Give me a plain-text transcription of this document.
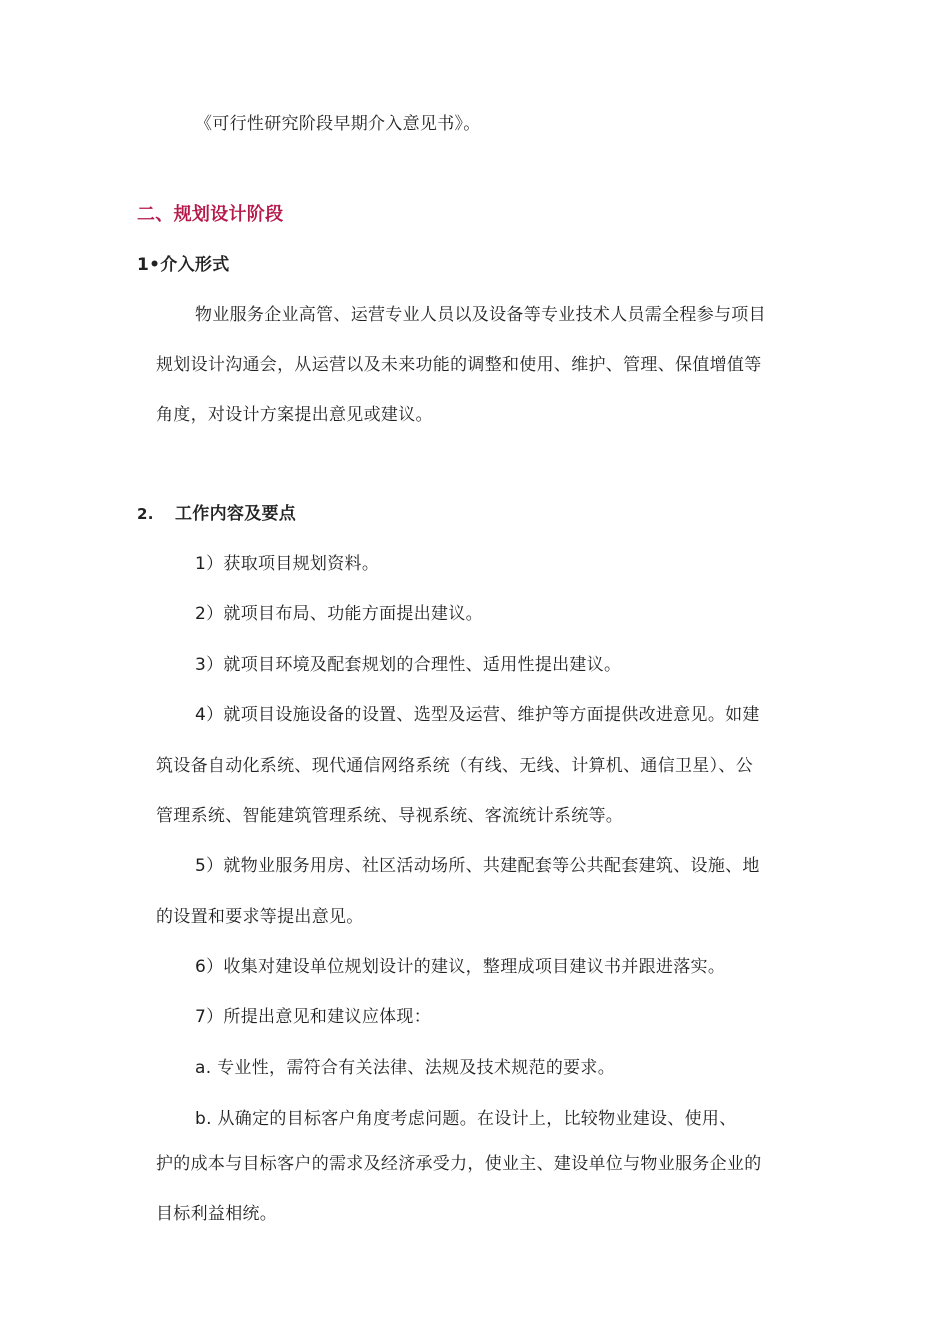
《可行性研究阶段早期介入意见书》。
二、规划设计阶段
1•介入形式
物业服务企业高管、运营专业人员以及设备等专业技术人员需全程参与项目
规划设计沟通会，从运营以及未来功能的调整和使用、维护、管理、保值增值等
角度，对设计方案提出意见或建议。
2. 工作内容及要点
1）获取项目规划资料。
2）就项目布局、功能方面提出建议。
3）就项目环境及配套规划的合理性、适用性提出建议。
4）就项目设施设备的设置、选型及运营、维护等方面提供改进意见。如建
筑设备自动化系统、现代通信网络系统（有线、无线、计算机、通信卫星）、公
管理系统、智能建筑管理系统、导视系统、客流统计系统等。
5）就物业服务用房、社区活动场所、共建配套等公共配套建筑、设施、地
的设置和要求等提出意见。
6）收集对建设单位规划设计的建议，整理成项目建议书并跟进落实。
7）所提出意见和建议应体现：
a. 专业性，需符合有关法律、法规及技术规范的要求。
b. 从确定的目标客户角度考虑问题。在设计上，比较物业建设、使用、
护的成本与目标客户的需求及经济承受力，使业主、建设单位与物业服务企业的
目标利益相统。
